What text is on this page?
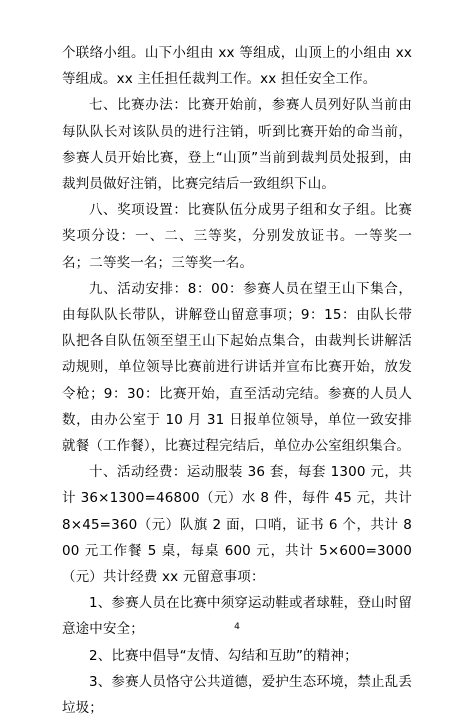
个联络小组。山下小组由 xx 等组成，山顶上的小组由 xx 等组成。xx 主任担任裁判工作。xx 担任安全工作。

七、比赛办法：比赛开始前，参赛人员列好队当前由每队队长对该队员的进行注销，听到比赛开始的命当前，参赛人员开始比赛，登上“山顶”当前到裁判员处报到，由裁判员做好注销，比赛完结后一致组织下山。

八、奖项设置：比赛队伍分成男子组和女子组。比赛奖项分设：一、二、三等奖，分别发放证书。一等奖一名；二等奖一名；三等奖一名。

九、活动安排：8：00：参赛人员在望王山下集合，由每队队长带队，讲解登山留意事项；9：15：由队长带队把各自队伍领至望王山下起始点集合，由裁判长讲解活动规则，单位领导比赛前进行讲话并宣布比赛开始，放发令枪；9：30：比赛开始，直至活动完结。参赛的人员人数，由办公室于 10 月 31 日报单位领导，单位一致安排就餐（工作餐），比赛过程完结后，单位办公室组织集合。

十、活动经费：运动服装 36 套，每套 1300 元，共计 36×1300=46800（元）水 8 件，每件 45 元，共计 8×45=360（元）队旗 2 面，口哨，证书 6 个，共计 800 元工作餐 5 桌，每桌 600 元，共计 5×600=3000（元）共计经费 xx 元留意事项：

1、参赛人员在比赛中须穿运动鞋或者球鞋，登山时留意途中安全；

2、比赛中倡导“友情、勾结和互助”的精神；

3、参赛人员恪守公共道德，爱护生态环境，禁止乱丢垃圾；

4
